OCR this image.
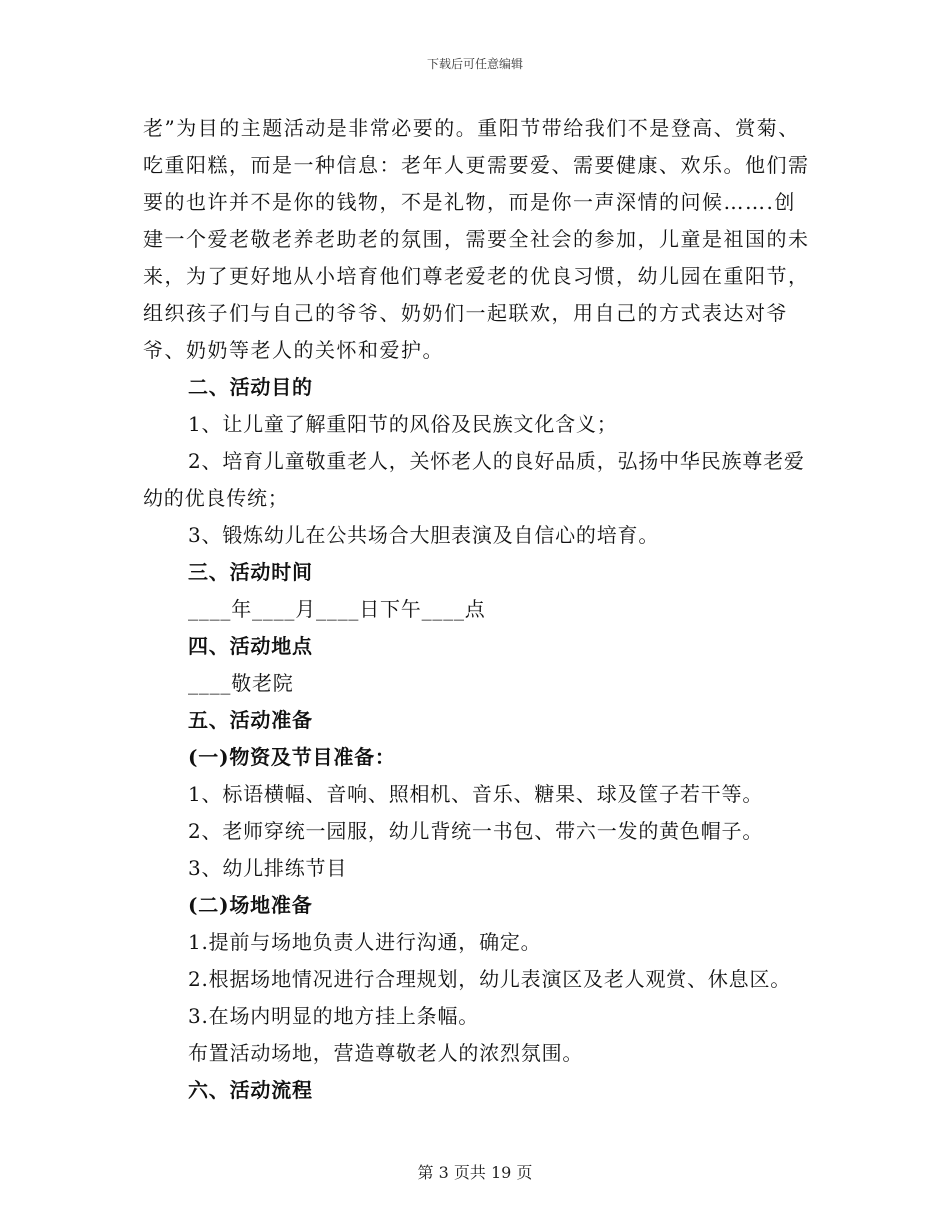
下载后可任意编辑

老”为目的主题活动是非常必要的。重阳节带给我们不是登高、赏菊、吃重阳糕，而是一种信息：老年人更需要爱、需要健康、欢乐。他们需要的也许并不是你的钱物，不是礼物，而是你一声深情的问候…….创建一个爱老敬老养老助老的氛围，需要全社会的参加，儿童是祖国的未来，为了更好地从小培育他们尊老爱老的优良习惯，幼儿园在重阳节，组织孩子们与自己的爷爷、奶奶们一起联欢，用自己的方式表达对爷爷、奶奶等老人的关怀和爱护。

二、活动目的

1、让儿童了解重阳节的风俗及民族文化含义；

2、培育儿童敬重老人，关怀老人的良好品质，弘扬中华民族尊老爱幼的优良传统；

3、锻炼幼儿在公共场合大胆表演及自信心的培育。

三、活动时间

____年____月____日下午____点

四、活动地点

____敬老院

五、活动准备

(一)物资及节目准备：

1、标语横幅、音响、照相机、音乐、糖果、球及筐子若干等。

2、老师穿统一园服，幼儿背统一书包、带六一发的黄色帽子。

3、幼儿排练节目

(二)场地准备

1.提前与场地负责人进行沟通，确定。

2.根据场地情况进行合理规划，幼儿表演区及老人观赏、休息区。

3.在场内明显的地方挂上条幅。

布置活动场地，营造尊敬老人的浓烈氛围。

六、活动流程

第 3 页共 19 页
